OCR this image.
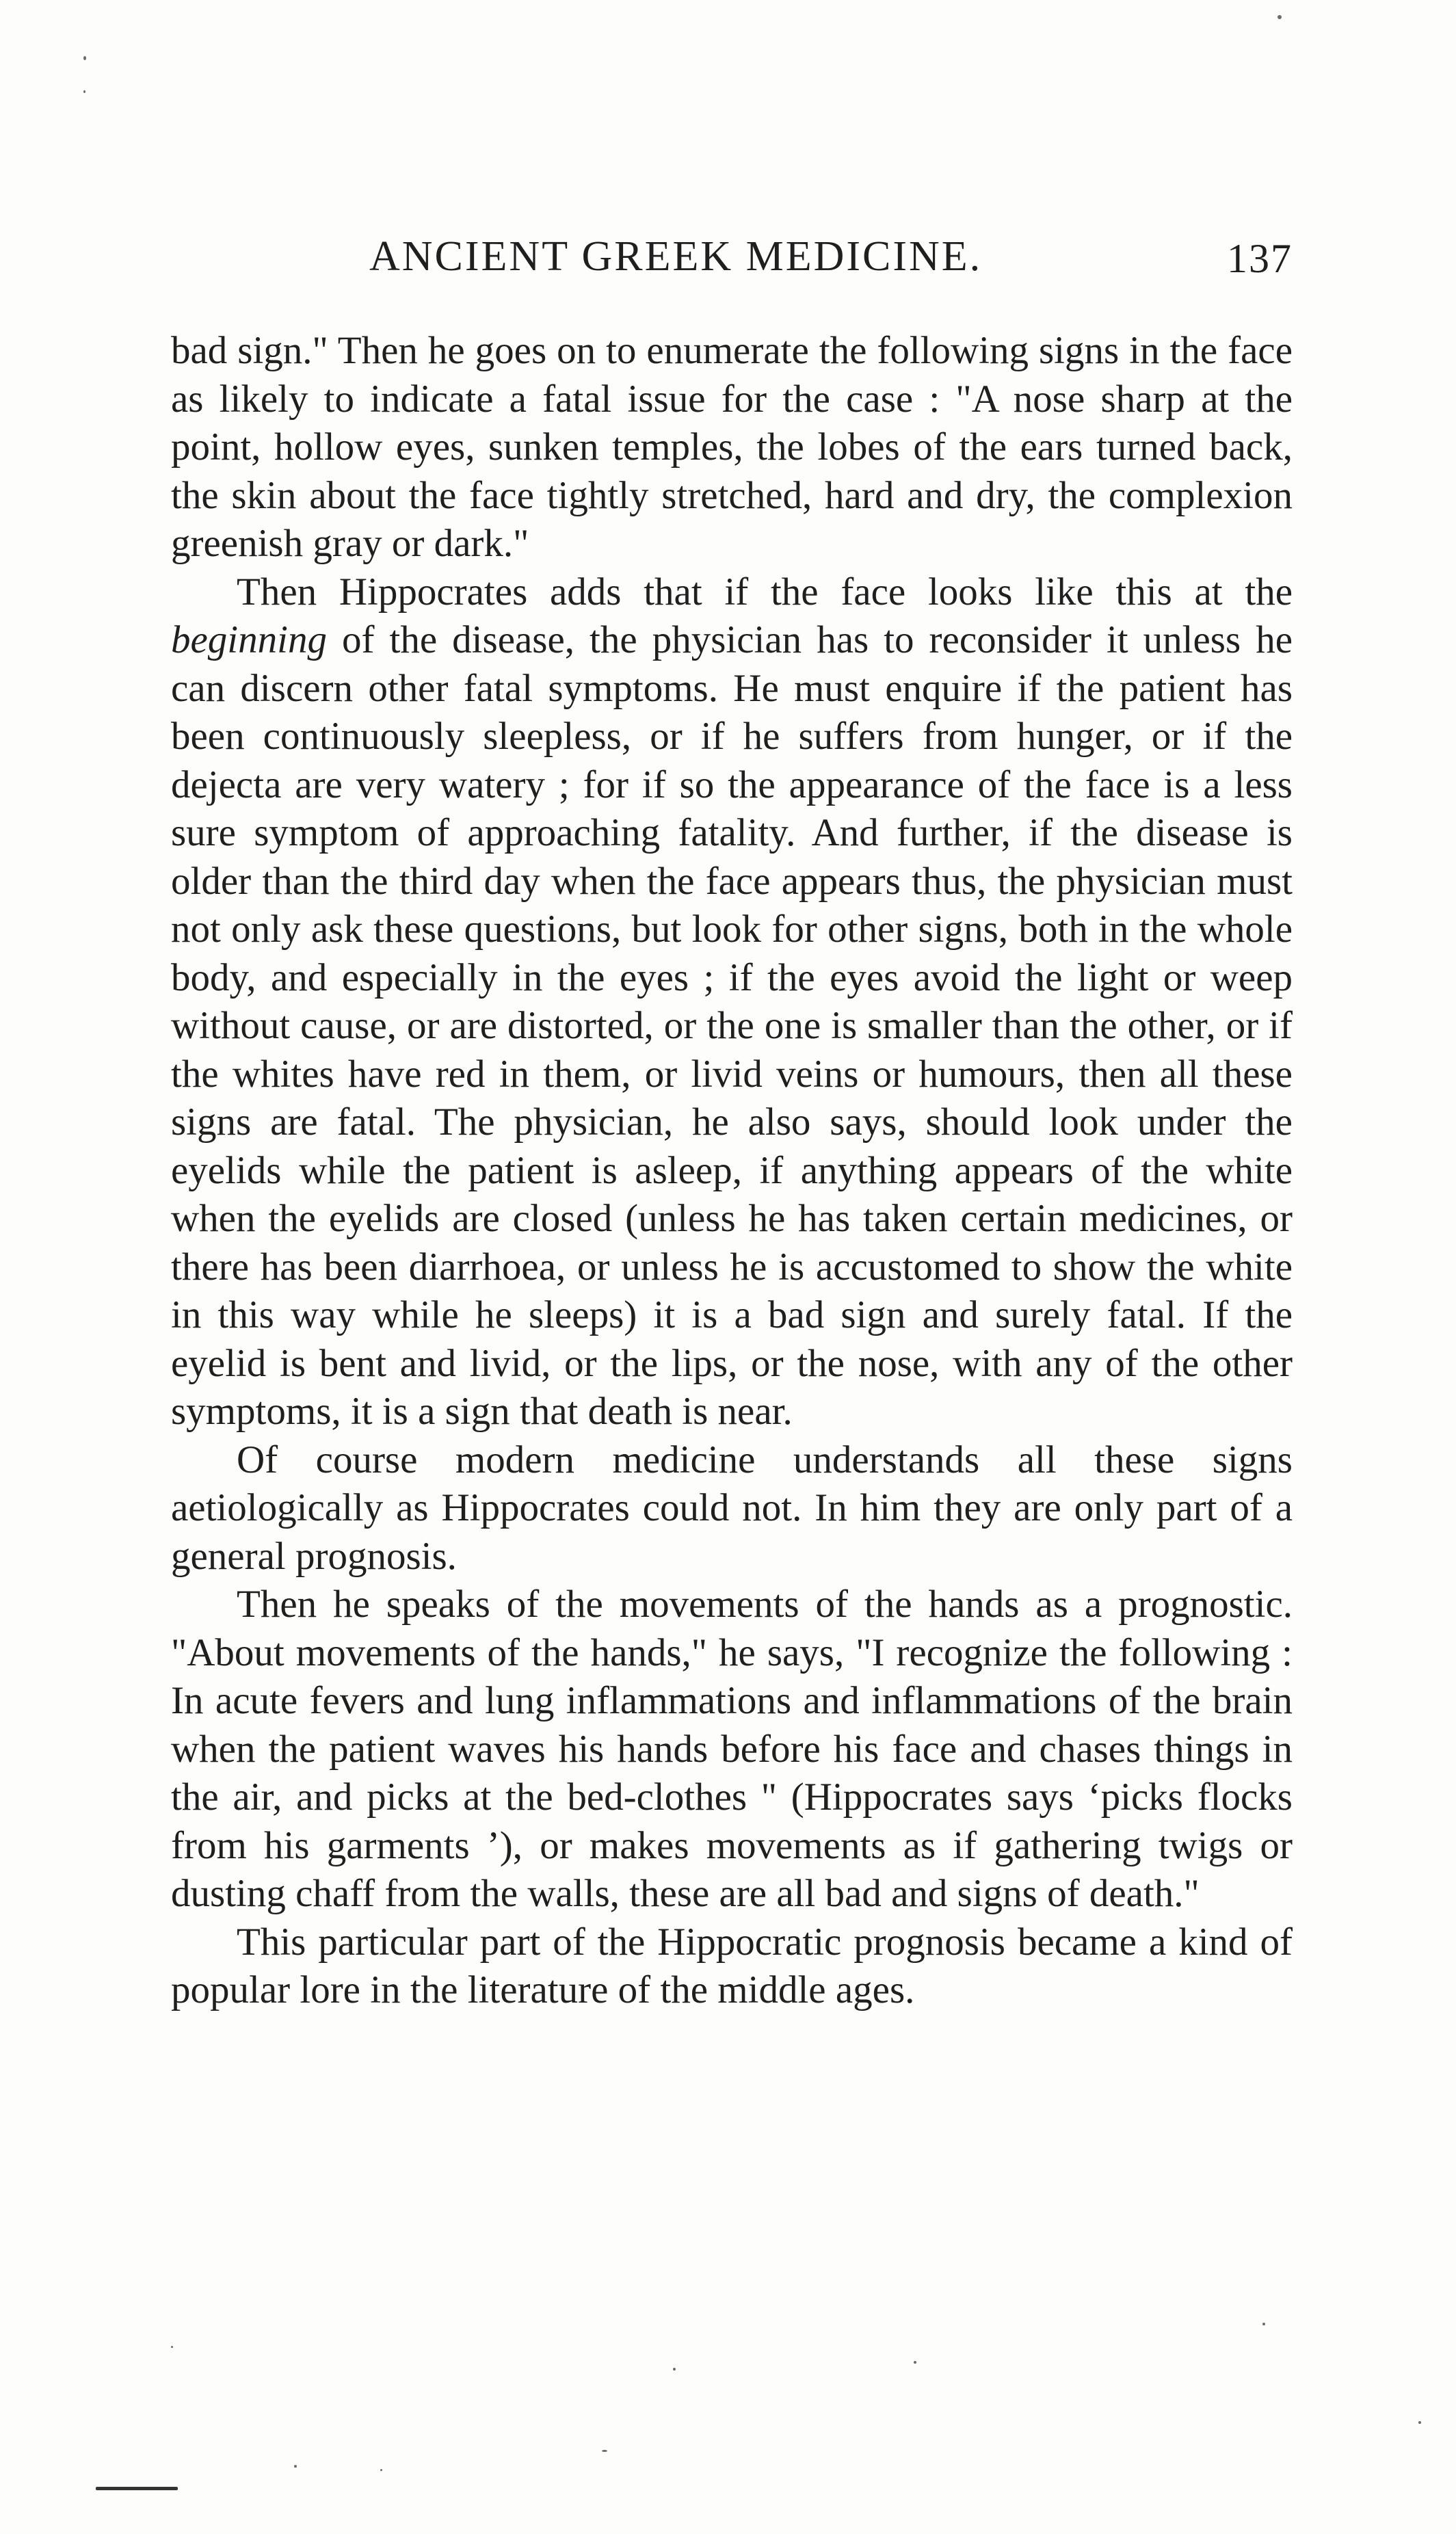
ANCIENT GREEK MEDICINE.	137

bad sign." Then he goes on to enumerate the following signs in the face as likely to indicate a fatal issue for the case : "A nose sharp at the point, hollow eyes, sunken temples, the lobes of the ears turned back, the skin about the face tightly stretched, hard and dry, the complexion greenish gray or dark."

Then Hippocrates adds that if the face looks like this at the beginning of the disease, the physician has to reconsider it unless he can discern other fatal symptoms. He must enquire if the patient has been continuously sleepless, or if he suffers from hunger, or if the dejecta are very watery ; for if so the appearance of the face is a less sure symptom of approaching fatality. And further, if the disease is older than the third day when the face appears thus, the physician must not only ask these questions, but look for other signs, both in the whole body, and especially in the eyes ; if the eyes avoid the light or weep without cause, or are distorted, or the one is smaller than the other, or if the whites have red in them, or livid veins or humours, then all these signs are fatal. The physician, he also says, should look under the eyelids while the patient is asleep, if anything appears of the white when the eyelids are closed (unless he has taken certain medicines, or there has been diarrhoea, or unless he is accustomed to show the white in this way while he sleeps) it is a bad sign and surely fatal. If the eyelid is bent and livid, or the lips, or the nose, with any of the other symptoms, it is a sign that death is near.

Of course modern medicine understands all these signs aetiologically as Hippocrates could not. In him they are only part of a general prognosis.

Then he speaks of the movements of the hands as a prognostic. "About movements of the hands," he says, "I recognize the following : In acute fevers and lung inflammations and inflammations of the brain when the patient waves his hands before his face and chases things in the air, and picks at the bed-clothes " (Hippocrates says ‘picks flocks from his garments ’), or makes movements as if gathering twigs or dusting chaff from the walls, these are all bad and signs of death."

This particular part of the Hippocratic prognosis became a kind of popular lore in the literature of the middle ages.
